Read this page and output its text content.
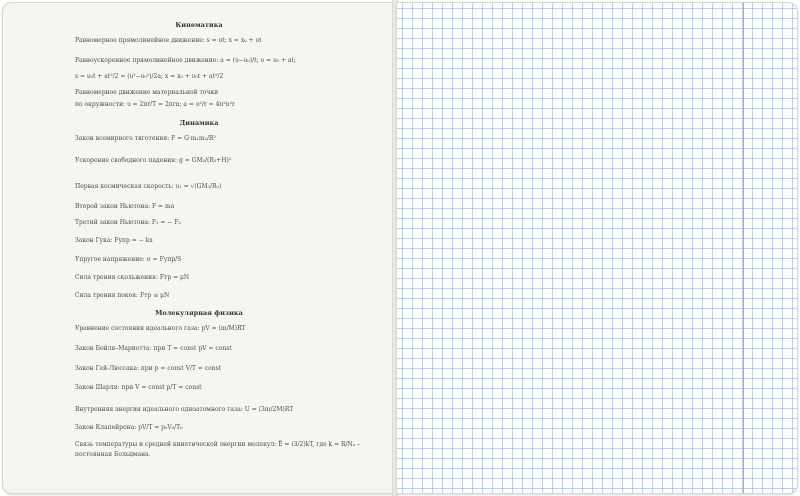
Кинематика
Равномерное прямолинейное движение: s = υt; x = x₀ + υt
Равноускоренное прямолинейное движение: a = (υ−υ₀)/t; υ = υ₀ + at;
s = υ₀t + at²/2 = (υ²−υ₀²)/2a; x = x₀ + υ₀t + at²/2
Равномерное движение материальной точки
по окружности: υ = 2πr/T = 2πrn; a = υ²/r = 4π²n²r
Динамика
Закон всемирного тяготения: F = G·m₁m₂/R²
Ускорение свободного падения: g = GM₃/(R₃+H)²
Первая космическая скорость: υ₁ = √(GM₃/R₃)
Второй закон Ньютона: F = ma
Третий закон Ньютона: F₁ = − F₂
Закон Гука: Fупр = − kx
Упругое напряжение: σ = Fупр/S
Сила трения скольжения: Fтр = μN
Сила трения покоя: Fтр ≤ μN
Молекулярная физика
Уравнение состояния идеального газа: pV = (m/M)RT
Закон Бойля–Мариотта: при T = const pV = const
Закон Гей-Люссака: при p = const V/T = const
Закон Шарля: при V = const p/T = const
Внутренняя энергия идеального одноатомного газа: U = (3m/2M)RT
Закон Клапейрона: pV/T = p₀V₀/T₀
Связь температуры и средней кинетической энергии молекул: Ē = (3/2)kT, где k = R/Nₐ –
постоянная Больцмана.
